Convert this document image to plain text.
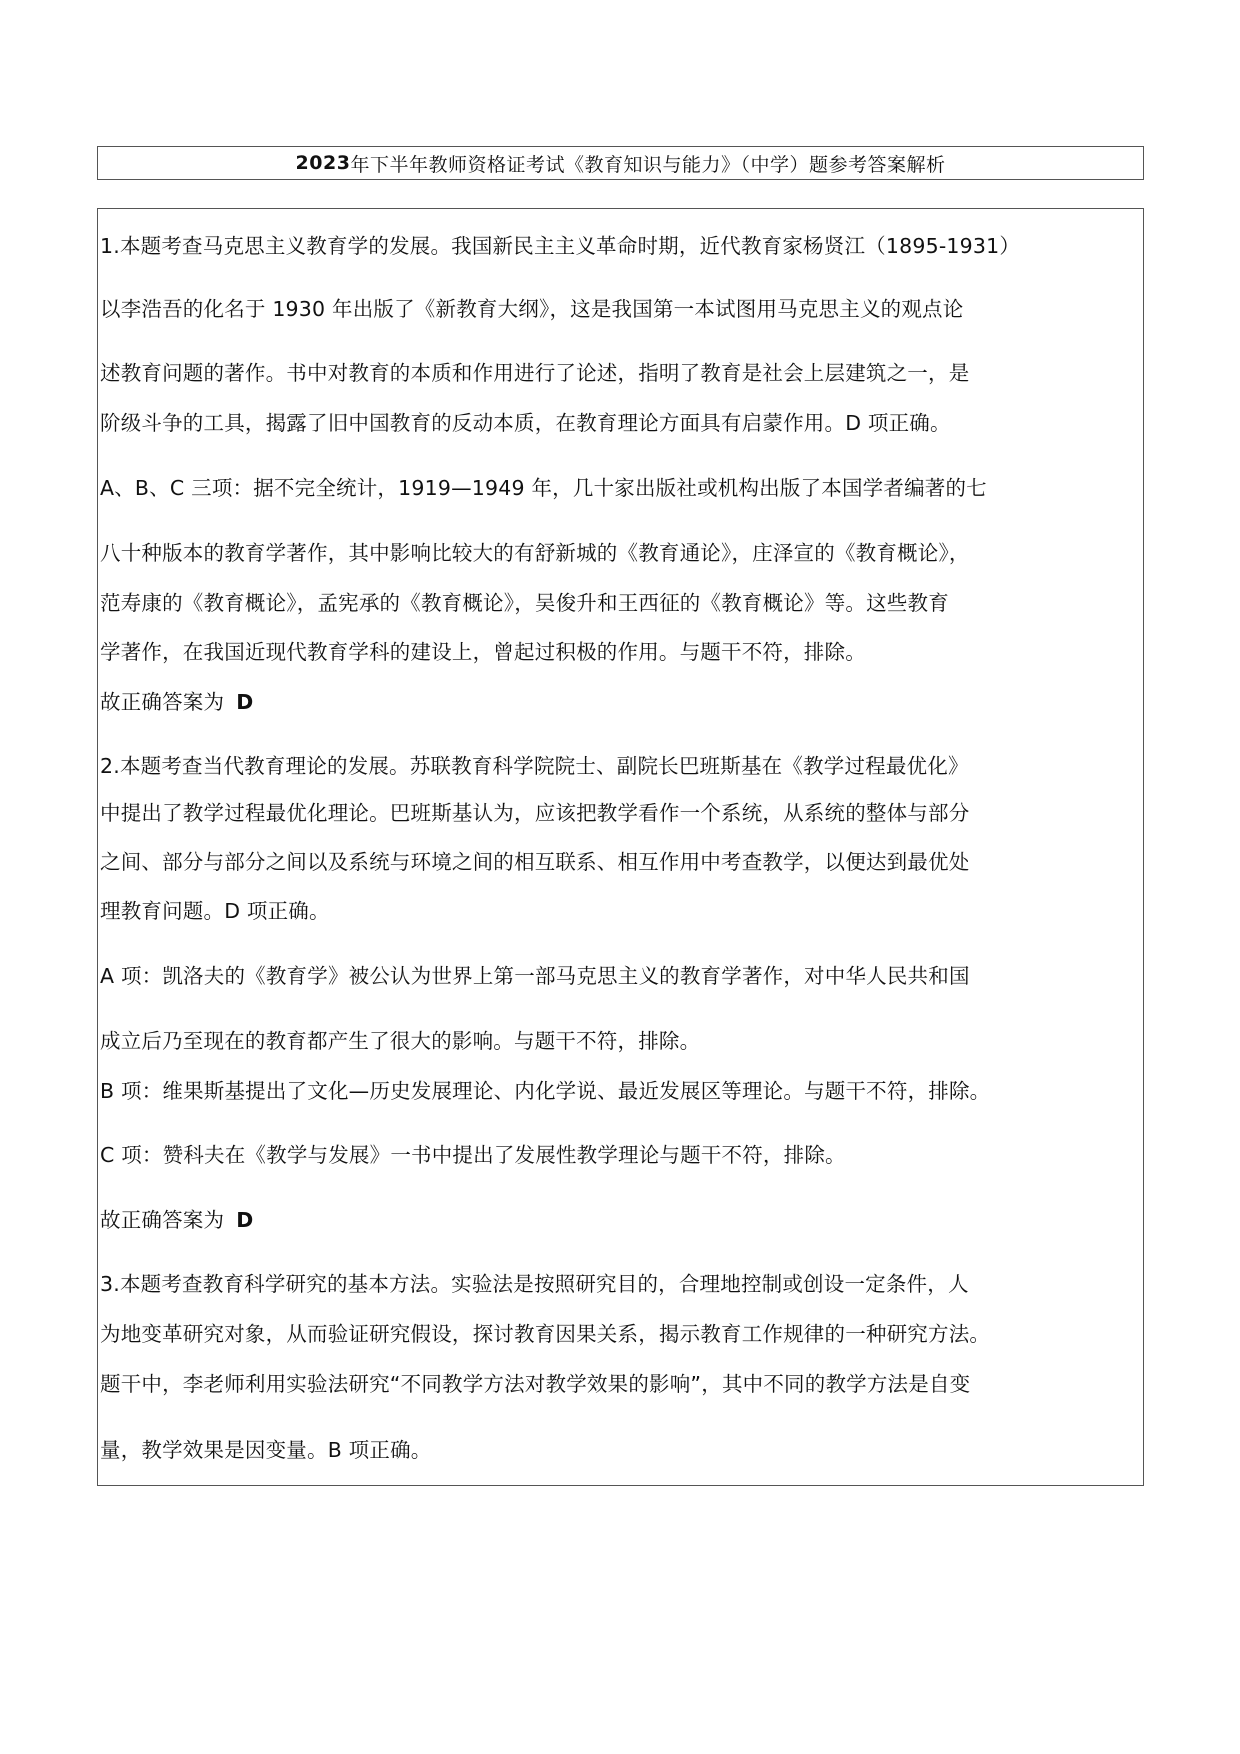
2023 年下半年教师资格证考试《教育知识与能力》（中学）题参考答案解析
1.本题考查马克思主义教育学的发展。我国新民主主义革命时期，近代教育家杨贤江（1895-1931）
以李浩吾的化名于 1930 年出版了《新教育大纲》，这是我国第一本试图用马克思主义的观点论
述教育问题的著作。书中对教育的本质和作用进行了论述，指明了教育是社会上层建筑之一，是
阶级斗争的工具，揭露了旧中国教育的反动本质，在教育理论方面具有启蒙作用。D 项正确。
A、B、C 三项：据不完全统计，1919—1949 年，几十家出版社或机构出版了本国学者编著的七
八十种版本的教育学著作，其中影响比较大的有舒新城的《教育通论》，庄泽宣的《教育概论》，
范寿康的《教育概论》，孟宪承的《教育概论》，吴俊升和王西征的《教育概论》等。这些教育
学著作，在我国近现代教育学科的建设上，曾起过积极的作用。与题干不符，排除。
故正确答案为 D
2.本题考查当代教育理论的发展。苏联教育科学院院士、副院长巴班斯基在《教学过程最优化》
中提出了教学过程最优化理论。巴班斯基认为，应该把教学看作一个系统，从系统的整体与部分
之间、部分与部分之间以及系统与环境之间的相互联系、相互作用中考查教学，以便达到最优处
理教育问题。D 项正确。
A 项：凯洛夫的《教育学》被公认为世界上第一部马克思主义的教育学著作，对中华人民共和国
成立后乃至现在的教育都产生了很大的影响。与题干不符，排除。
B 项：维果斯基提出了文化—历史发展理论、内化学说、最近发展区等理论。与题干不符，排除。
C 项：赞科夫在《教学与发展》一书中提出了发展性教学理论与题干不符，排除。
故正确答案为 D
3.本题考查教育科学研究的基本方法。实验法是按照研究目的，合理地控制或创设一定条件，人
为地变革研究对象，从而验证研究假设，探讨教育因果关系，揭示教育工作规律的一种研究方法。
题干中，李老师利用实验法研究“不同教学方法对教学效果的影响”，其中不同的教学方法是自变
量，教学效果是因变量。B 项正确。
